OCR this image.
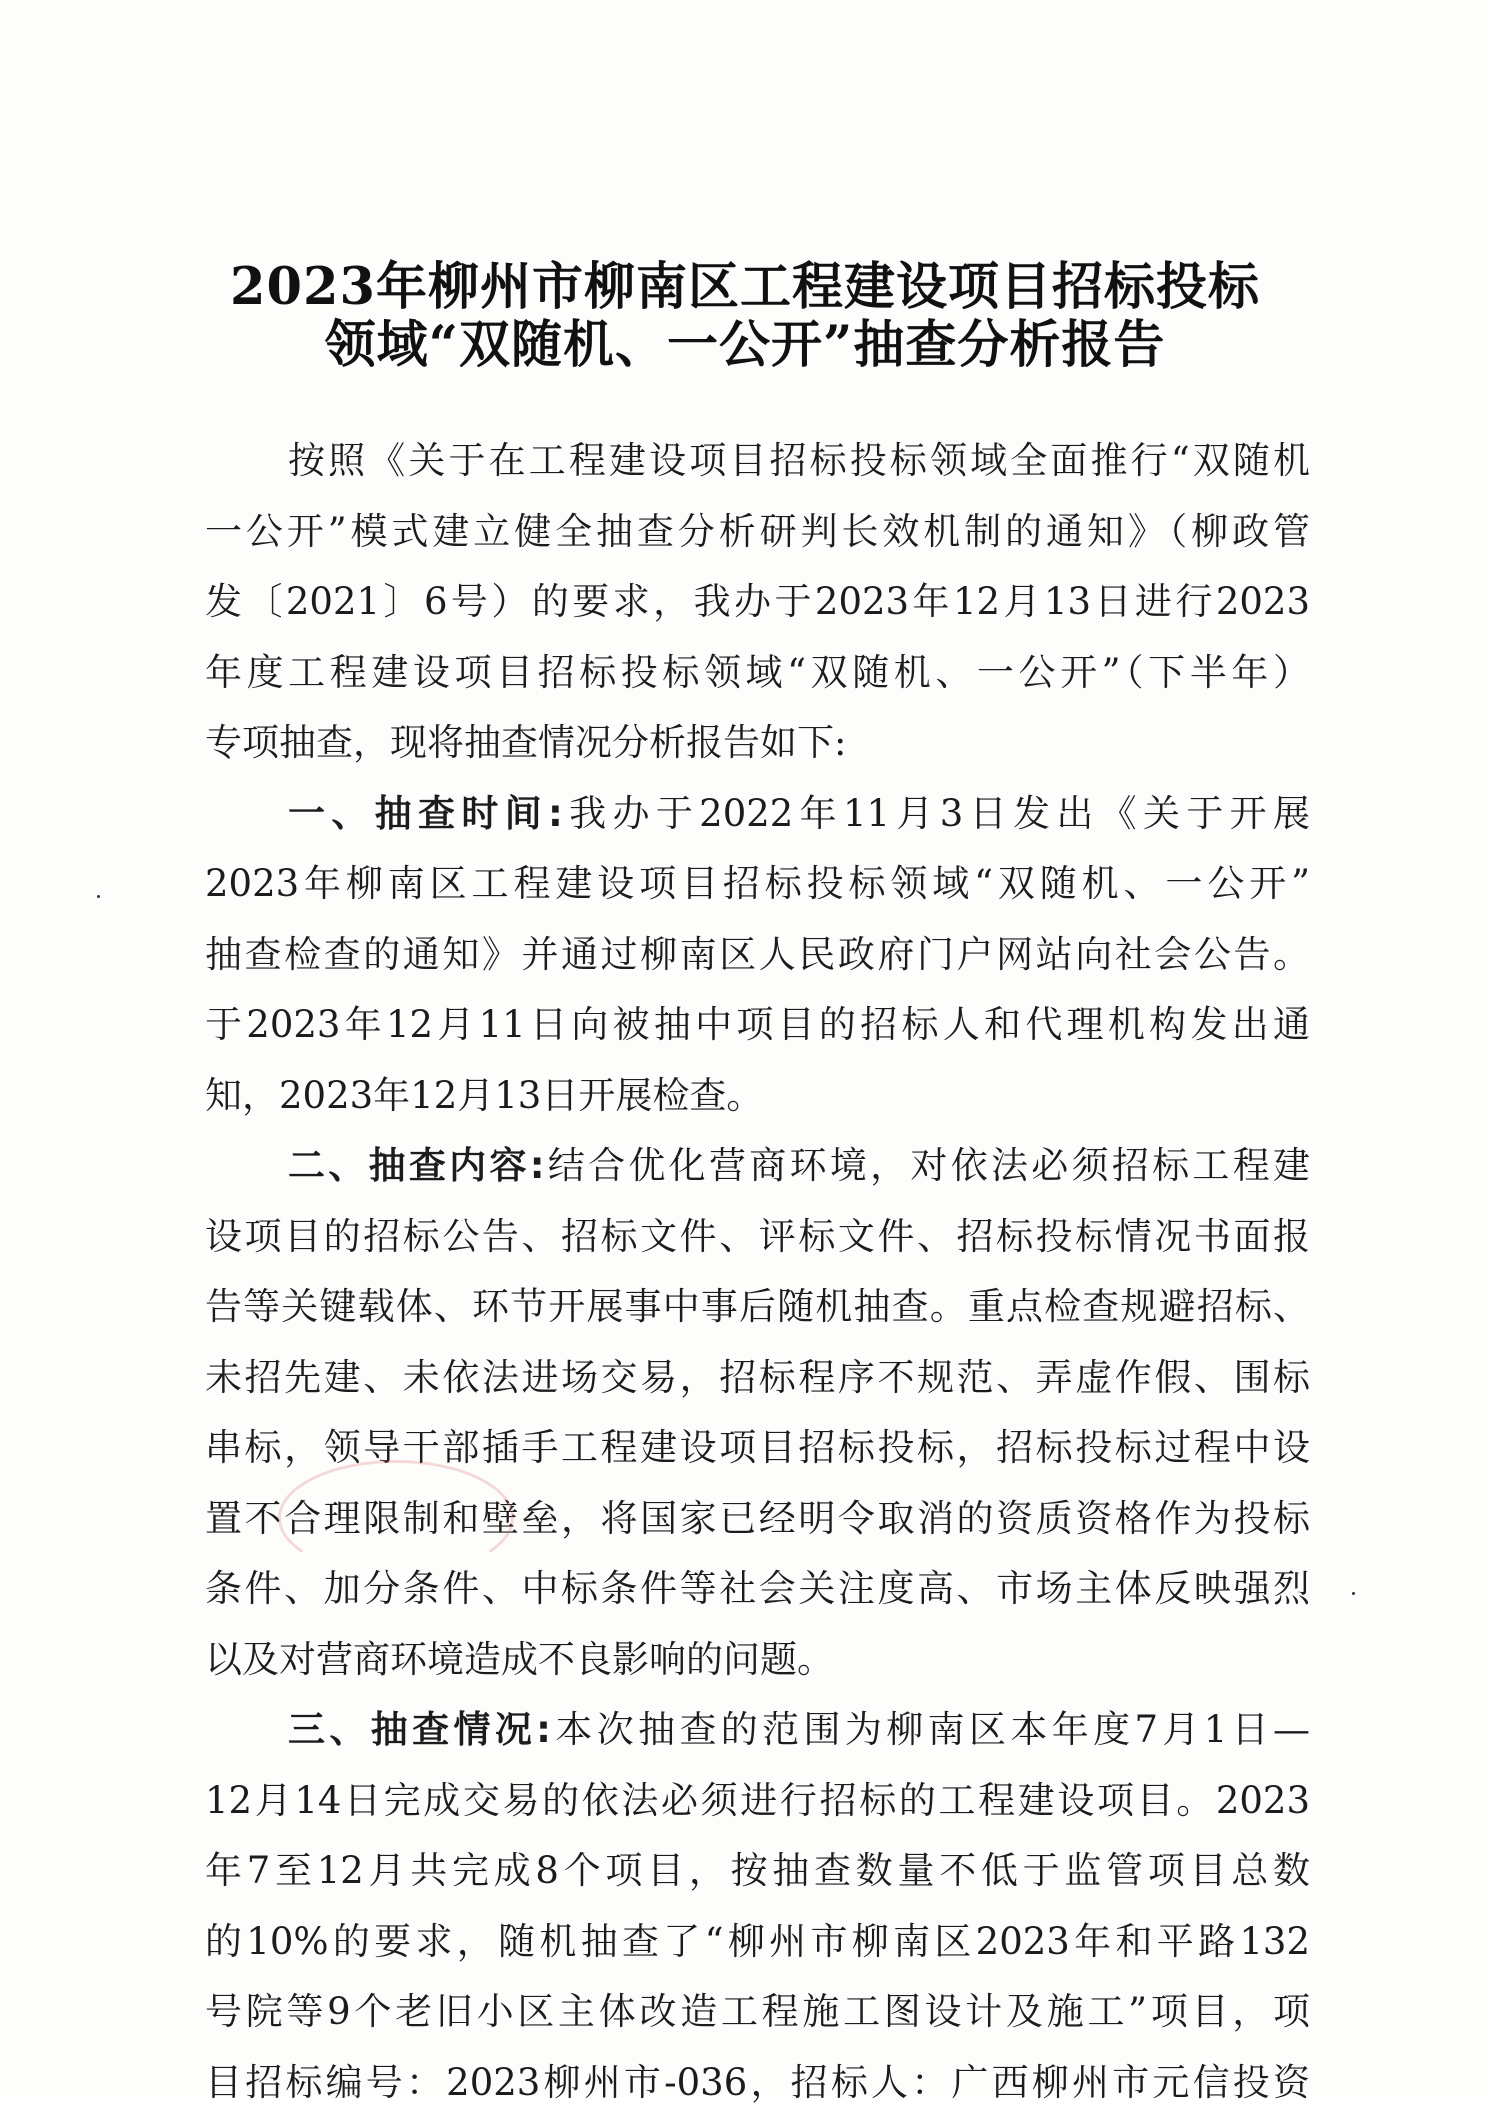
2023年柳州市柳南区工程建设项目招标投标
领域“双随机、一公开”抽查分析报告
按照《关于在工程建设项目招标投标领域全面推行“双随机
一公开”模式建立健全抽查分析研判长效机制的通知》（柳政管
发〔2021〕6号）的要求，我办于2023年12月13日进行2023
年度工程建设项目招标投标领域“双随机、一公开”（下半年）
专项抽查，现将抽查情况分析报告如下:
一、抽查时间:我办于2022年11月3日发出《关于开展
2023年柳南区工程建设项目招标投标领域“双随机、一公开”
抽查检查的通知》并通过柳南区人民政府门户网站向社会公告。
于2023年12月11日向被抽中项目的招标人和代理机构发出通
知，2023年12月13日开展检查。
二、抽查内容:结合优化营商环境，对依法必须招标工程建
设项目的招标公告、招标文件、评标文件、招标投标情况书面报
告等关键载体、环节开展事中事后随机抽查。重点检查规避招标、
未招先建、未依法进场交易，招标程序不规范、弄虚作假、围标
串标，领导干部插手工程建设项目招标投标，招标投标过程中设
置不合理限制和壁垒，将国家已经明令取消的资质资格作为投标
条件、加分条件、中标条件等社会关注度高、市场主体反映强烈
以及对营商环境造成不良影响的问题。
三、抽查情况:本次抽查的范围为柳南区本年度7月1日—
12月14日完成交易的依法必须进行招标的工程建设项目。2023
年7至12月共完成8个项目，按抽查数量不低于监管项目总数
的10%的要求，随机抽查了“柳州市柳南区2023年和平路132
号院等9个老旧小区主体改造工程施工图设计及施工”项目，项
目招标编号：2023柳州市-036，招标人：广西柳州市元信投资
